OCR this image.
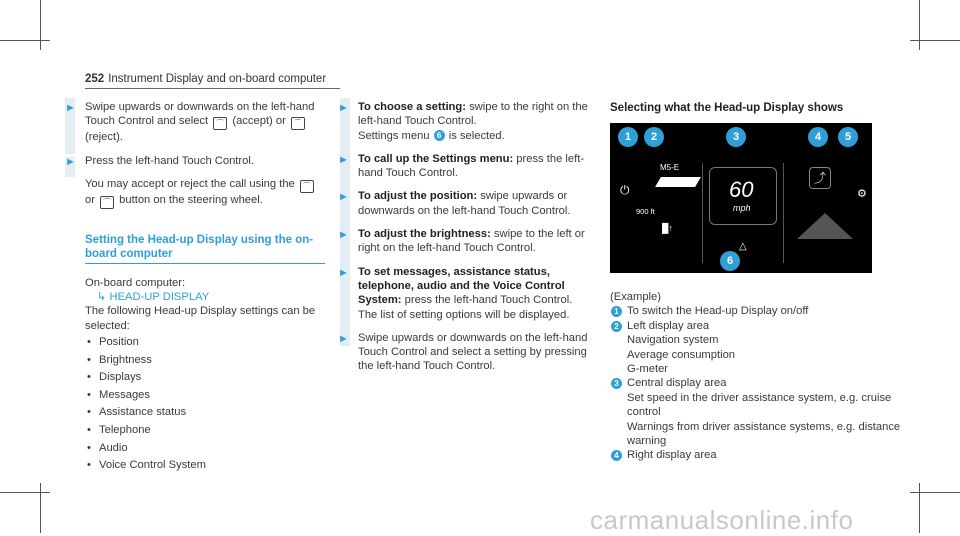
252 Instrument Display and on-board computer
► Swipe upwards or downwards on the left-hand Touch Control and select ⌒ (accept) or ⌒ (reject).
► Press the left-hand Touch Control.
You may accept or reject the call using the ⌒ or ⌒ button on the steering wheel.
Setting the Head-up Display using the on-board computer
On-board computer:
↳ HEAD-UP DISPLAY
The following Head-up Display settings can be selected:
• Position
• Brightness
• Displays
• Messages
• Assistance status
• Telephone
• Audio
• Voice Control System
► To choose a setting: swipe to the right on the left-hand Touch Control.
Settings menu 6 is selected.
► To call up the Settings menu: press the left-hand Touch Control.
► To adjust the position: swipe upwards or downwards on the left-hand Touch Control.
► To adjust the brightness: swipe to the left or right on the left-hand Touch Control.
► To set messages, assistance status, telephone, audio and the Voice Control System: press the left-hand Touch Control.
The list of setting options will be displayed.
► Swipe upwards or downwards on the left-hand Touch Control and select a setting by pressing the left-hand Touch Control.
Selecting what the Head-up Display shows
⏻
M5-E
900 ft
█↑
60
mph
△
⤴
⚙
1	2	3	4	5
6
(Example)
1 To switch the Head-up Display on/off
2 Left display area
Navigation system
Average consumption
G-meter
3 Central display area
Set speed in the driver assistance system, e.g. cruise control
Warnings from driver assistance systems, e.g. distance warning
4 Right display area
carmanualsonline.info
